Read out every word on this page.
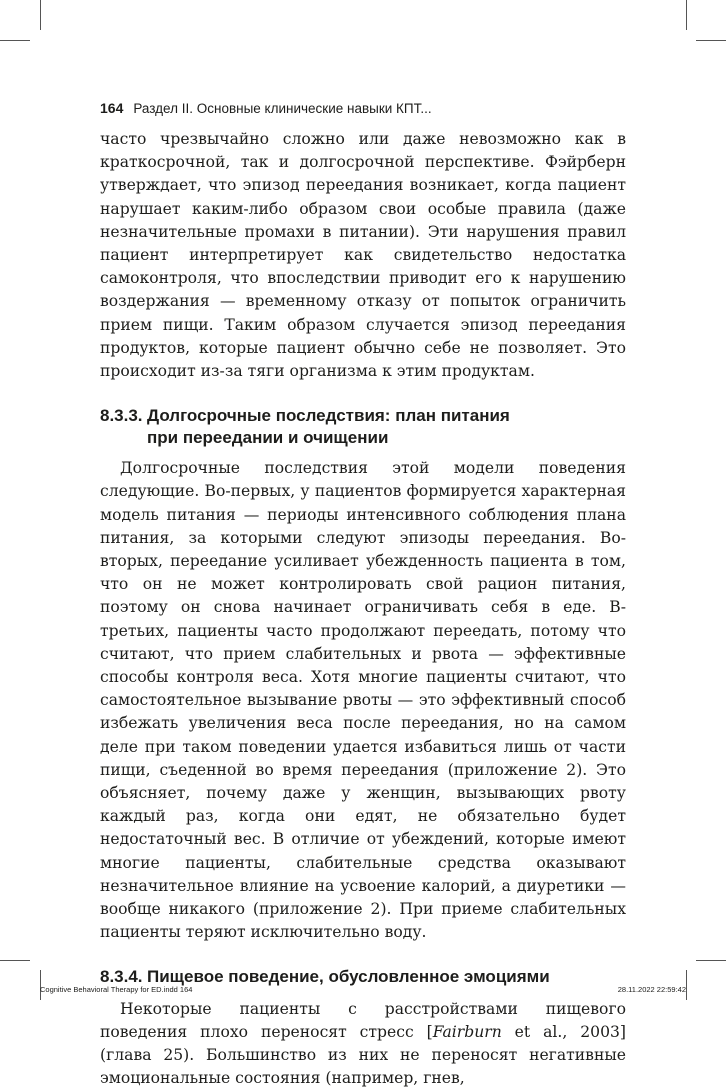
164 Раздел II. Основные клинические навыки КПТ...

часто чрезвычайно сложно или даже невозможно как в краткосрочной, так и долгосрочной перспективе. Фэйрберн утверждает, что эпизод переедания возникает, когда пациент нарушает каким-либо образом свои особые правила (даже незначительные промахи в питании). Эти нарушения правил пациент интерпретирует как свидетельство недостатка самоконтроля, что впоследствии приводит его к нарушению воздержания — временному отказу от попыток ограничить прием пищи. Таким образом случается эпизод переедания продуктов, которые пациент обычно себе не позволяет. Это происходит из-за тяги организма к этим продуктам.

8.3.3. Долгосрочные последствия: план питания
при переедании и очищении

Долгосрочные последствия этой модели поведения следующие. Во-первых, у пациентов формируется характерная модель питания — периоды интенсивного соблюдения плана питания, за которыми следуют эпизоды переедания. Во-вторых, переедание усиливает убежденность пациента в том, что он не может контролировать свой рацион питания, поэтому он снова начинает ограничивать себя в еде. В-третьих, пациенты часто продолжают переедать, потому что считают, что прием слабительных и рвота — эффективные способы контроля веса. Хотя многие пациенты считают, что самостоятельное вызывание рвоты — это эффективный способ избежать увеличения веса после переедания, но на самом деле при таком поведении удается избавиться лишь от части пищи, съеденной во время переедания (приложение 2). Это объясняет, почему даже у женщин, вызывающих рвоту каждый раз, когда они едят, не обязательно будет недостаточный вес. В отличие от убеждений, которые имеют многие пациенты, слабительные средства оказывают незначительное влияние на усвоение калорий, а диуретики — вообще никакого (приложение 2). При приеме слабительных пациенты теряют исключительно воду.

8.3.4. Пищевое поведение, обусловленное эмоциями

Некоторые пациенты с расстройствами пищевого поведения плохо переносят стресс [Fairburn et al., 2003] (глава 25). Большинство из них не переносят негативные эмоциональные состояния (например, гнев,

Cognitive Behavioral Therapy for ED.indd 164	28.11.2022 22:59:42
